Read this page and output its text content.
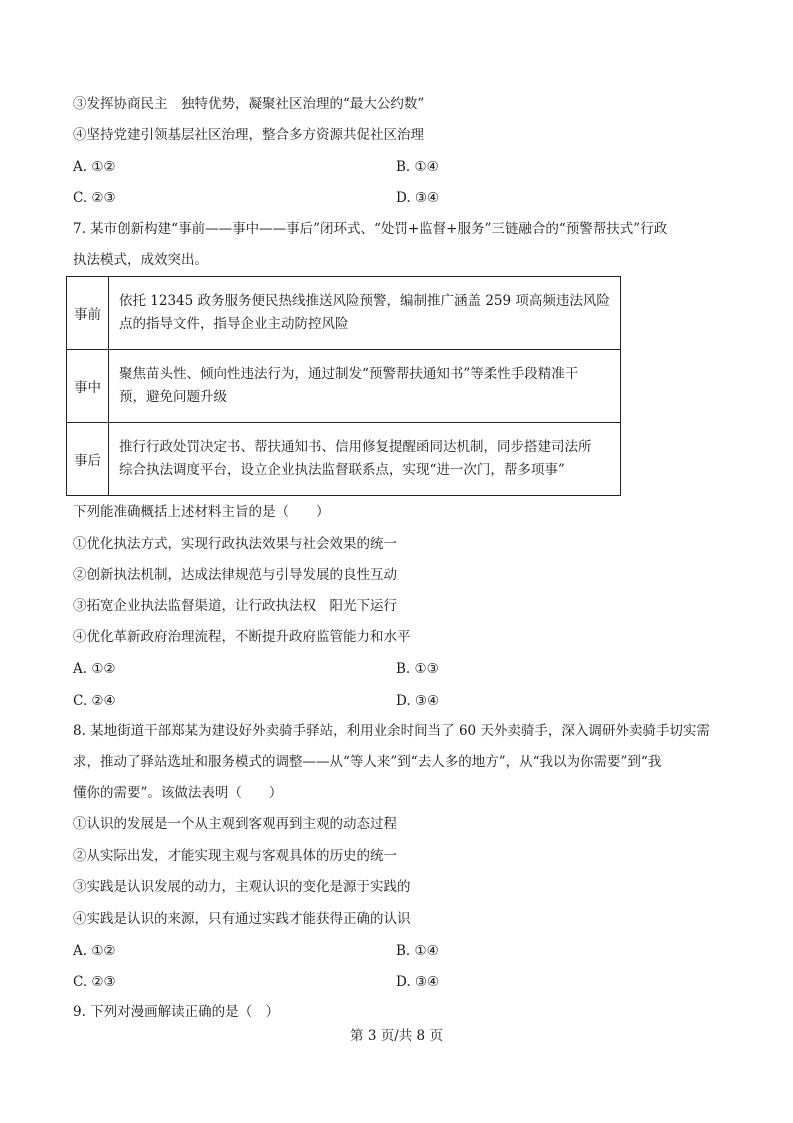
③发挥协商民主　独特优势，凝聚社区治理的“最大公约数”
④坚持党建引领基层社区治理，整合多方资源共促社区治理
A. ①②	B. ①④
C. ②③	D. ③④
7. 某市创新构建“事前——事中——事后”闭环式、“处罚+监督+服务”三链融合的“预警帮扶式”行政
执法模式，成效突出。
事前	依托 12345 政务服务便民热线推送风险预警，编制推广涵盖 259 项高频违法风险
点的指导文件，指导企业主动防控风险

事中	聚焦苗头性、倾向性违法行为，通过制发“预警帮扶通知书”等柔性手段精准干
预，避免问题升级

事后	推行行政处罚决定书、帮扶通知书、信用修复提醒函同达机制，同步搭建司法所
综合执法调度平台，设立企业执法监督联系点，实现“进一次门，帮多项事”
下列能准确概括上述材料主旨的是（　　）
①优化执法方式，实现行政执法效果与社会效果的统一
②创新执法机制，达成法律规范与引导发展的良性互动
③拓宽企业执法监督渠道，让行政执法权　阳光下运行
④优化革新政府治理流程，不断提升政府监管能力和水平
A. ①②	B. ①③
C. ②④	D. ③④
8. 某地街道干部郑某为建设好外卖骑手驿站，利用业余时间当了 60 天外卖骑手，深入调研外卖骑手切实需
求，推动了驿站选址和服务模式的调整——从“等人来”到“去人多的地方”，从“我以为你需要”到“我
懂你的需要”。该做法表明（　　）
①认识的发展是一个从主观到客观再到主观的动态过程
②从实际出发，才能实现主观与客观具体的历史的统一
③实践是认识发展的动力，主观认识的变化是源于实践的
④实践是认识的来源，只有通过实践才能获得正确的认识
A. ①②	B. ①④
C. ②③	D. ③④
9. 下列对漫画解读正确的是（　）
第 3 页/共 8 页
